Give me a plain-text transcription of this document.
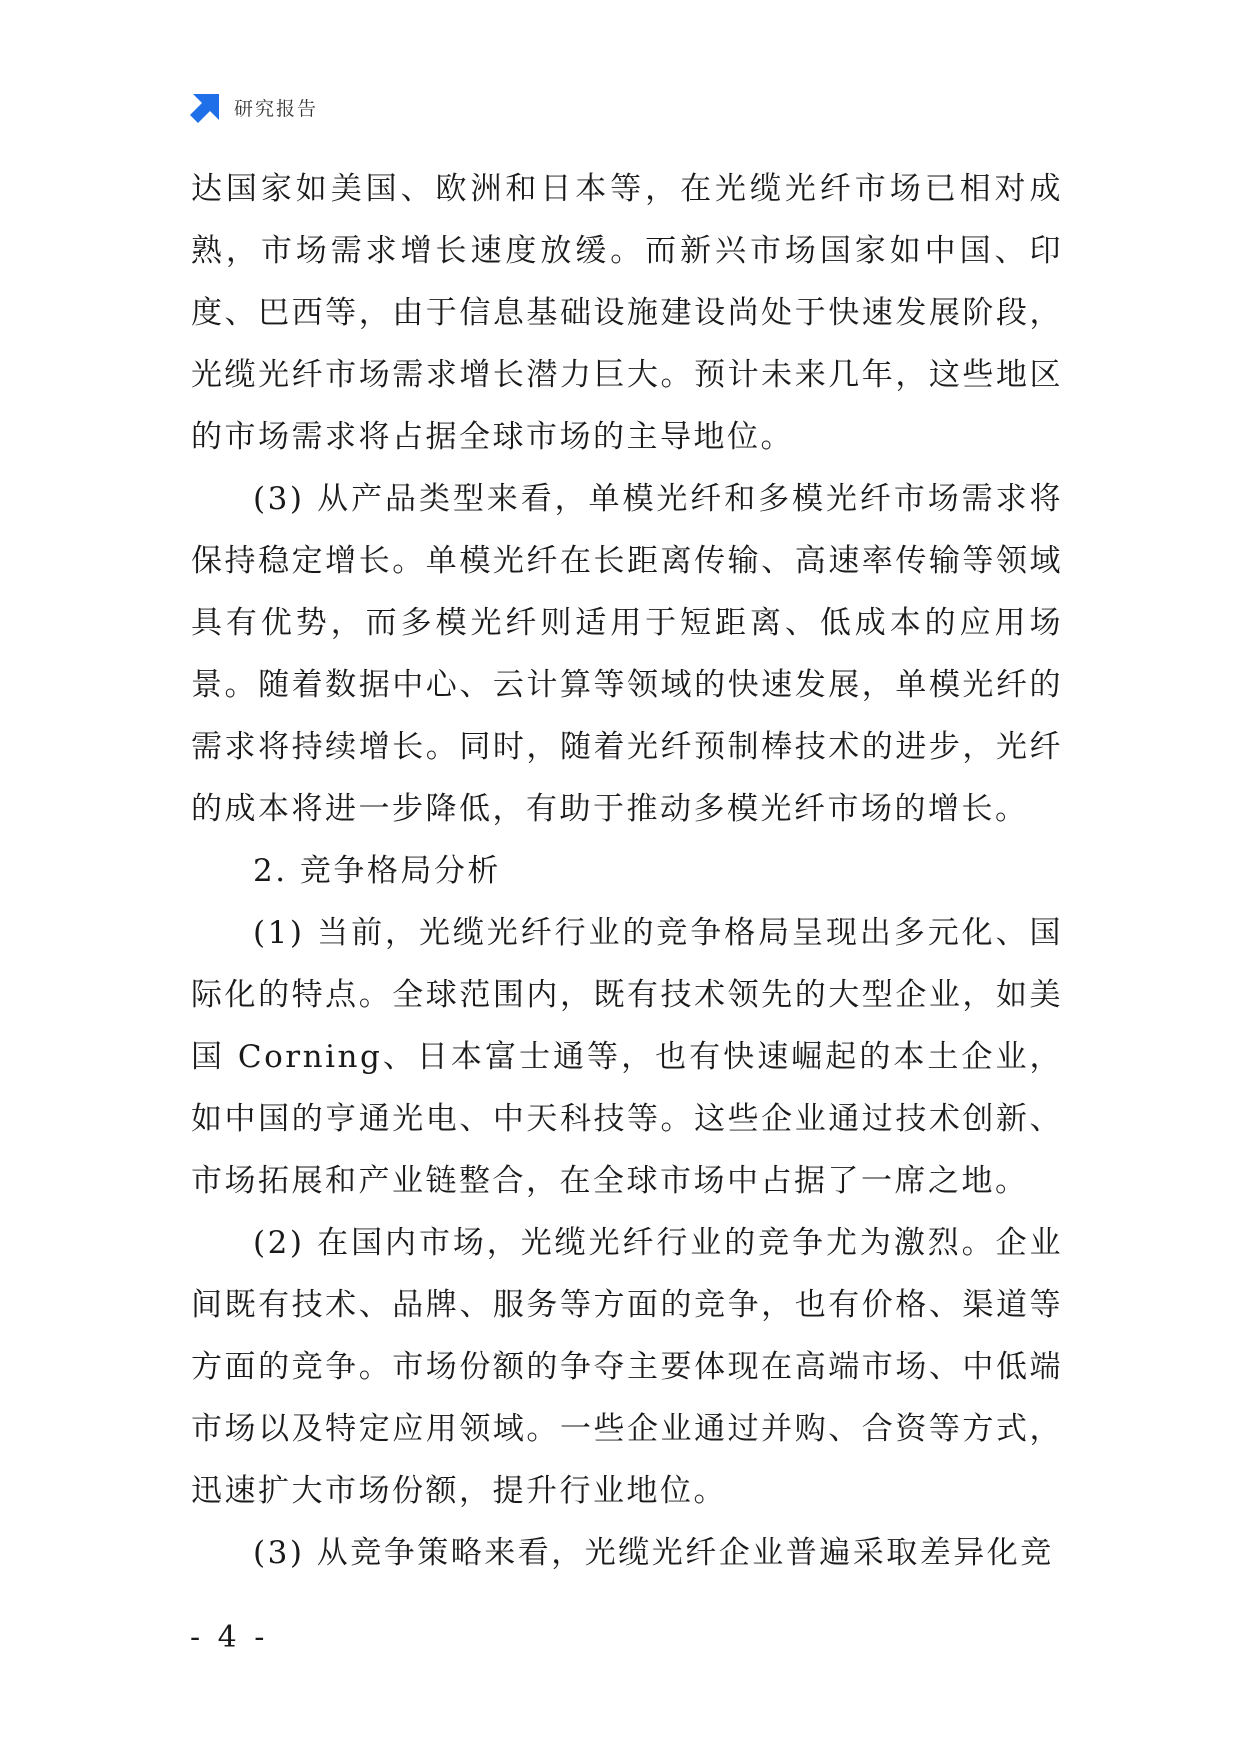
研究报告

达国家如美国、欧洲和日本等，在光缆光纤市场已相对成熟，市场需求增长速度放缓。而新兴市场国家如中国、印度、巴西等，由于信息基础设施建设尚处于快速发展阶段，光缆光纤市场需求增长潜力巨大。预计未来几年，这些地区的市场需求将占据全球市场的主导地位。

(3) 从产品类型来看，单模光纤和多模光纤市场需求将保持稳定增长。单模光纤在长距离传输、高速率传输等领域具有优势，而多模光纤则适用于短距离、低成本的应用场景。随着数据中心、云计算等领域的快速发展，单模光纤的需求将持续增长。同时，随着光纤预制棒技术的进步，光纤的成本将进一步降低，有助于推动多模光纤市场的增长。

2. 竞争格局分析

(1) 当前，光缆光纤行业的竞争格局呈现出多元化、国际化的特点。全球范围内，既有技术领先的大型企业，如美国 Corning、日本富士通等，也有快速崛起的本土企业，如中国的亨通光电、中天科技等。这些企业通过技术创新、市场拓展和产业链整合，在全球市场中占据了一席之地。

(2) 在国内市场，光缆光纤行业的竞争尤为激烈。企业间既有技术、品牌、服务等方面的竞争，也有价格、渠道等方面的竞争。市场份额的争夺主要体现在高端市场、中低端市场以及特定应用领域。一些企业通过并购、合资等方式，迅速扩大市场份额，提升行业地位。

(3) 从竞争策略来看，光缆光纤企业普遍采取差异化竞

- 4 -
